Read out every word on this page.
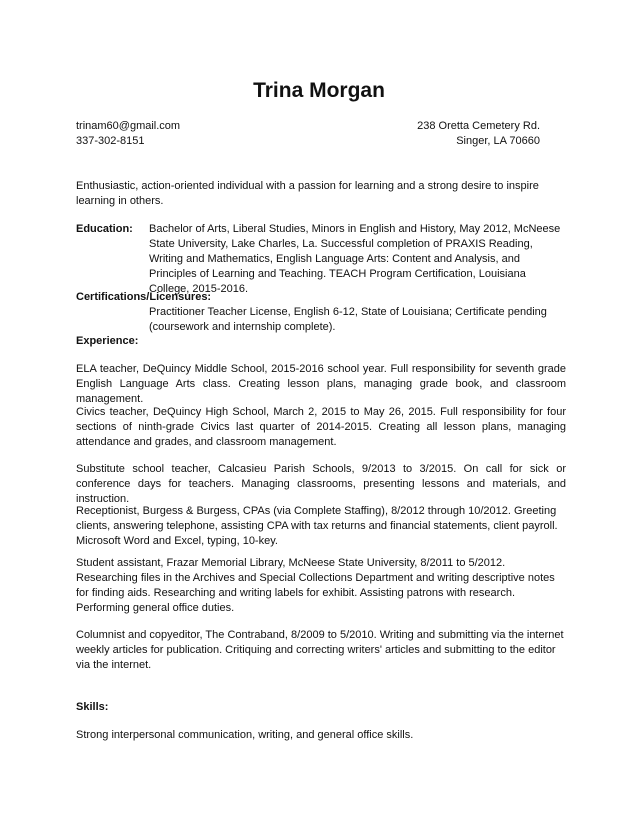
Trina Morgan
trinam60@gmail.com
337-302-8151
238 Oretta Cemetery Rd.
Singer, LA 70660

Enthusiastic, action-oriented individual with a passion for learning and a strong desire to inspire learning in others.

Education:	Bachelor of Arts, Liberal Studies, Minors in English and History, May 2012, McNeese State University, Lake Charles, La. Successful completion of PRAXIS Reading, Writing and Mathematics, English Language Arts: Content and Analysis, and Principles of Learning and Teaching. TEACH Program Certification, Louisiana College, 2015-2016.
Certifications/Licensures:
Practitioner Teacher License, English 6-12, State of Louisiana; Certificate pending (coursework and internship complete).
Experience:

ELA teacher, DeQuincy Middle School, 2015-2016 school year. Full responsibility for seventh grade English Language Arts class. Creating lesson plans, managing grade book, and classroom management.

Civics teacher, DeQuincy High School, March 2, 2015 to May 26, 2015. Full responsibility for four sections of ninth-grade Civics last quarter of 2014-2015. Creating all lesson plans, managing attendance and grades, and classroom management.

Substitute school teacher, Calcasieu Parish Schools, 9/2013 to 3/2015. On call for sick or conference days for teachers. Managing classrooms, presenting lessons and materials, and instruction.

Receptionist, Burgess & Burgess, CPAs (via Complete Staffing), 8/2012 through 10/2012. Greeting clients, answering telephone, assisting CPA with tax returns and financial statements, client payroll. Microsoft Word and Excel, typing, 10-key.

Student assistant, Frazar Memorial Library, McNeese State University, 8/2011 to 5/2012. Researching files in the Archives and Special Collections Department and writing descriptive notes for finding aids. Researching and writing labels for exhibit. Assisting patrons with research. Performing general office duties.

Columnist and copyeditor, The Contraband, 8/2009 to 5/2010. Writing and submitting via the internet weekly articles for publication. Critiquing and correcting writers' articles and submitting to the editor via the internet.

Skills:

Strong interpersonal communication, writing, and general office skills.
